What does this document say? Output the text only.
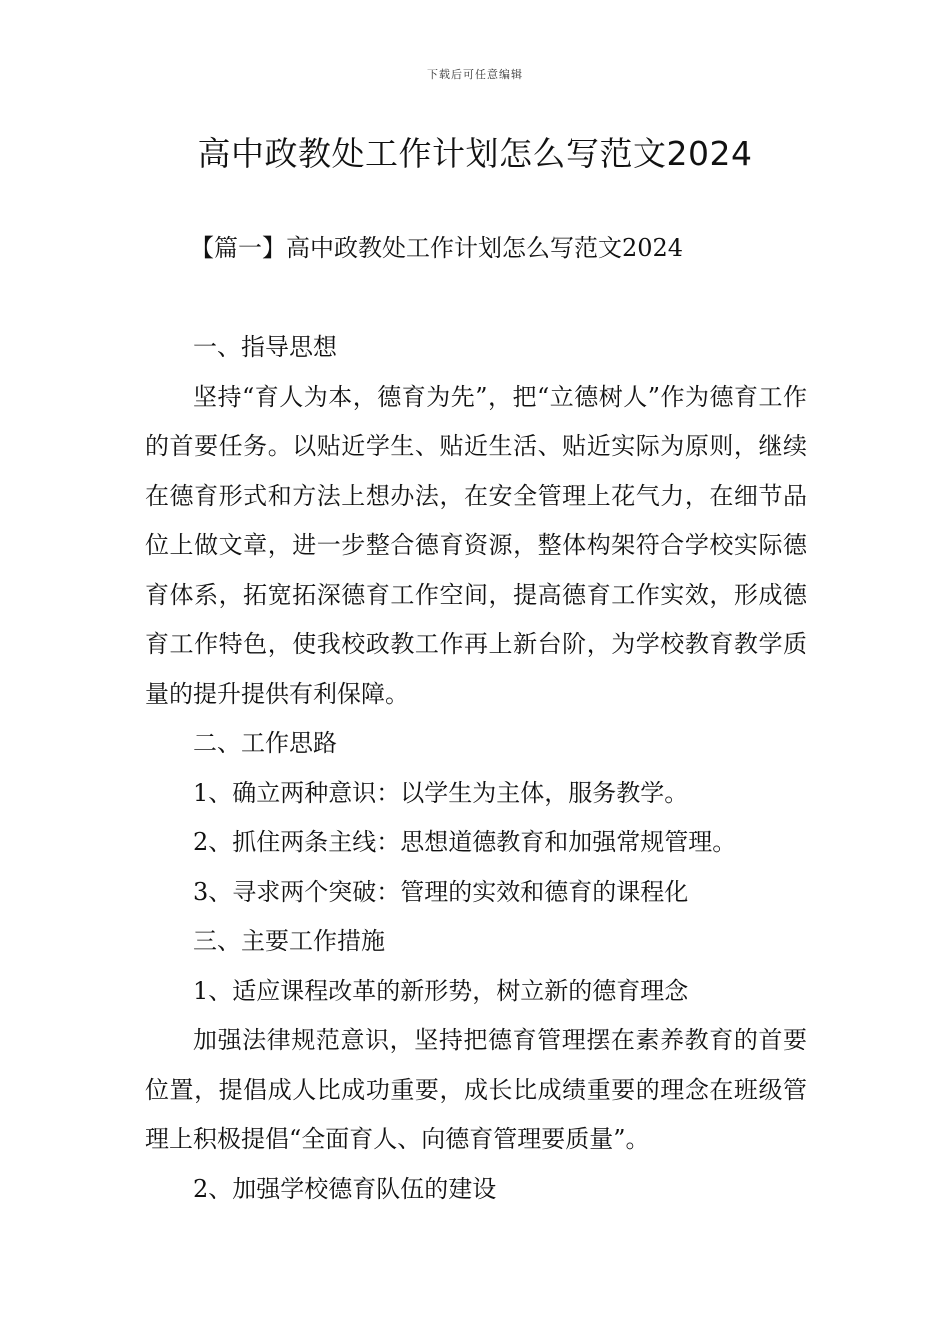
下载后可任意编辑
高中政教处工作计划怎么写范文2024
【篇一】高中政教处工作计划怎么写范文2024

一、指导思想

坚持“育人为本，德育为先”，把“立德树人”作为德育工作的首要任务。以贴近学生、贴近生活、贴近实际为原则，继续在德育形式和方法上想办法，在安全管理上花气力，在细节品位上做文章，进一步整合德育资源，整体构架符合学校实际德育体系，拓宽拓深德育工作空间，提高德育工作实效，形成德育工作特色，使我校政教工作再上新台阶，为学校教育教学质量的提升提供有利保障。

二、工作思路

1、确立两种意识：以学生为主体，服务教学。

2、抓住两条主线：思想道德教育和加强常规管理。

3、寻求两个突破：管理的实效和德育的课程化

三、主要工作措施

1、适应课程改革的新形势，树立新的德育理念

加强法律规范意识，坚持把德育管理摆在素养教育的首要位置，提倡成人比成功重要，成长比成绩重要的理念在班级管理上积极提倡“全面育人、向德育管理要质量”。

2、加强学校德育队伍的建设
